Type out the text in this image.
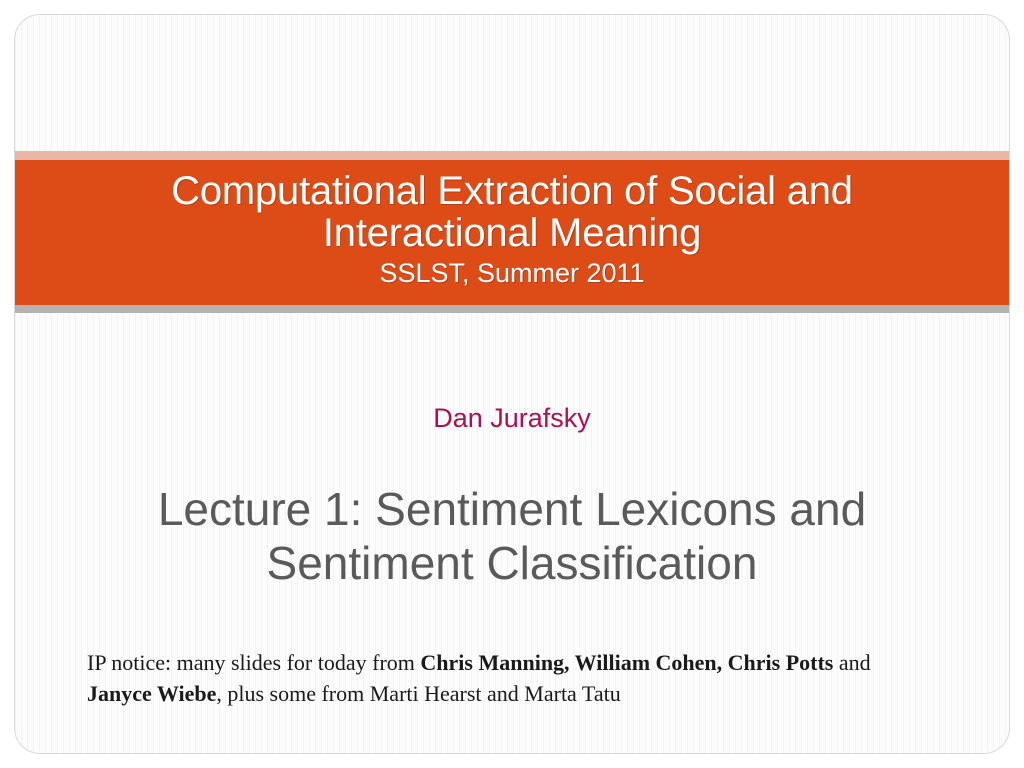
Computational Extraction of Social and
Interactional Meaning
SSLST, Summer 2011
Dan Jurafsky
Lecture 1: Sentiment Lexicons and
Sentiment Classification
IP notice: many slides for today from Chris Manning, William Cohen, Chris Potts and Janyce Wiebe, plus some from Marti Hearst and Marta Tatu
